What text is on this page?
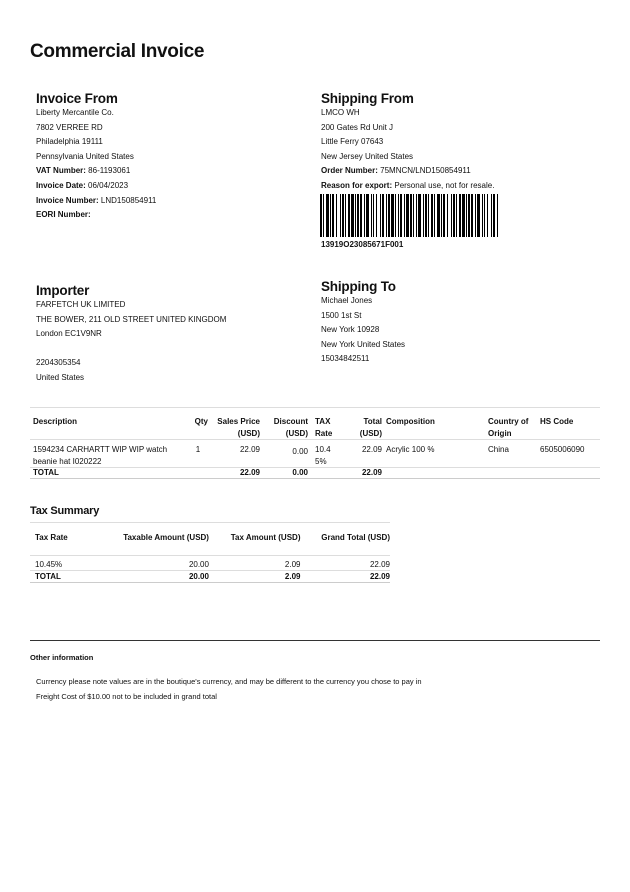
Commercial Invoice
Invoice From
Liberty Mercantile Co.
7802 VERREE RD
Philadelphia 19111
Pennsylvania United States
VAT Number: 86-1193061
Invoice Date: 06/04/2023
Invoice Number: LND150854911
EORI Number:
Shipping From
LMCO WH
200 Gates Rd Unit J
Little Ferry 07643
New Jersey United States
Order Number: 75MNCN/LND150854911
Reason for export: Personal use, not for resale.
13919O23085671F001
Importer
FARFETCH UK LIMITED
THE BOWER, 211 OLD STREET UNITED KINGDOM
London EC1V9NR
2204305354
United States
Shipping To
Michael Jones
1500 1st St
New York 10928
New York United States
15034842511
Description	Qty	Sales Price (USD)	Discount (USD)	TAX Rate	Total (USD)	Composition	Country of Origin	HS Code
1594234 CARHARTT WIP WIP watch beanie hat I020222	1	22.09	0.00	10.4 5%	22.09	Acrylic 100 %	China	6505006090
TOTAL		22.09	0.00		22.09			
Tax Summary
Tax Rate	Taxable Amount (USD)	Tax Amount (USD)	Grand Total (USD)
10.45%	20.00	2.09	22.09
TOTAL	20.00	2.09	22.09
Other information
Currency please note values are in the boutique's currency, and may be different to the currency you chose to pay in
Freight Cost of $10.00 not to be included in grand total
